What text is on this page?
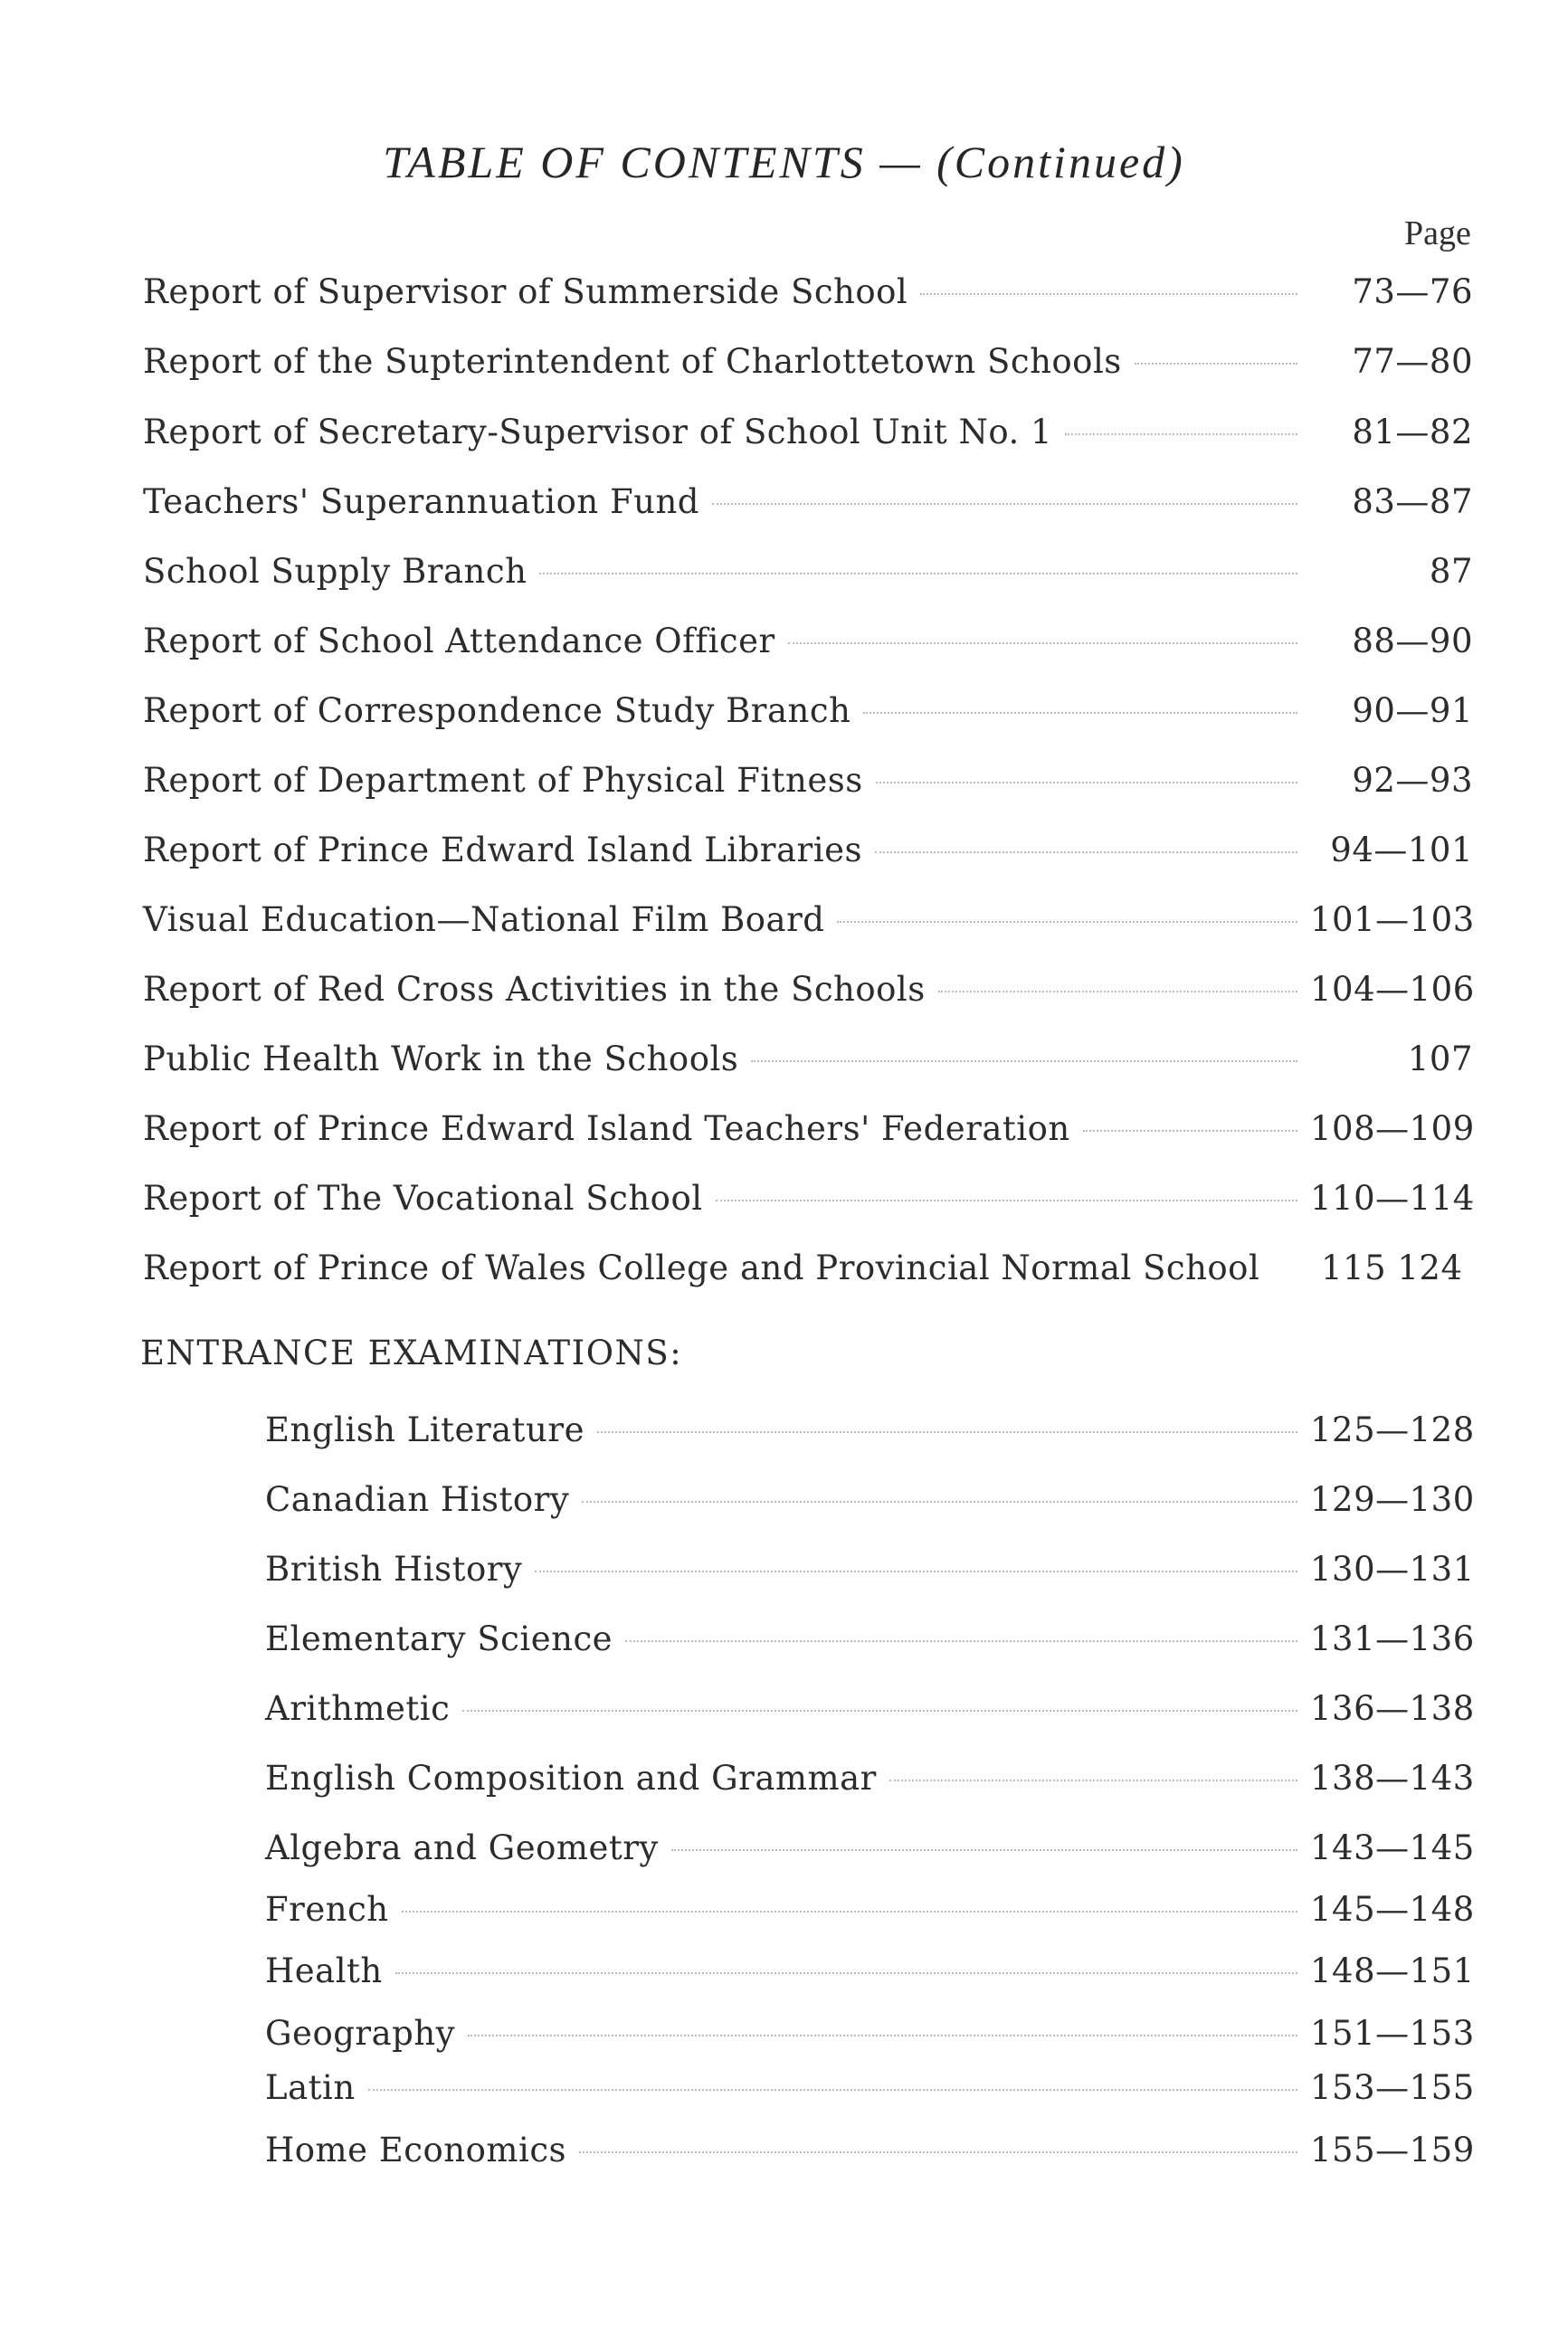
TABLE OF CONTENTS — (Continued)
Page
Report of Supervisor of Summerside School	73—76
Report of the Supterintendent of Charlottetown Schools	77—80
Report of Secretary-Supervisor of School Unit No. 1	81—82
Teachers' Superannuation Fund	83—87
School Supply Branch	87
Report of School Attendance Officer	88—90
Report of Correspondence Study Branch	90—91
Report of Department of Physical Fitness	92—93
Report of Prince Edward Island Libraries	94—101
Visual Education—National Film Board	101—103
Report of Red Cross Activities in the Schools	104—106
Public Health Work in the Schools	107
Report of Prince Edward Island Teachers' Federation	108—109
Report of The Vocational School	110—114
Report of Prince of Wales College and Provincial Normal School 115 124
ENTRANCE EXAMINATIONS:
English Literature	125—128
Canadian History	129—130
British History	130—131
Elementary Science	131—136
Arithmetic	136—138
English Composition and Grammar	138—143
Algebra and Geometry	143—145
French	145—148
Health	148—151
Geography	151—153
Latin	153—155
Home Economics	155—159
